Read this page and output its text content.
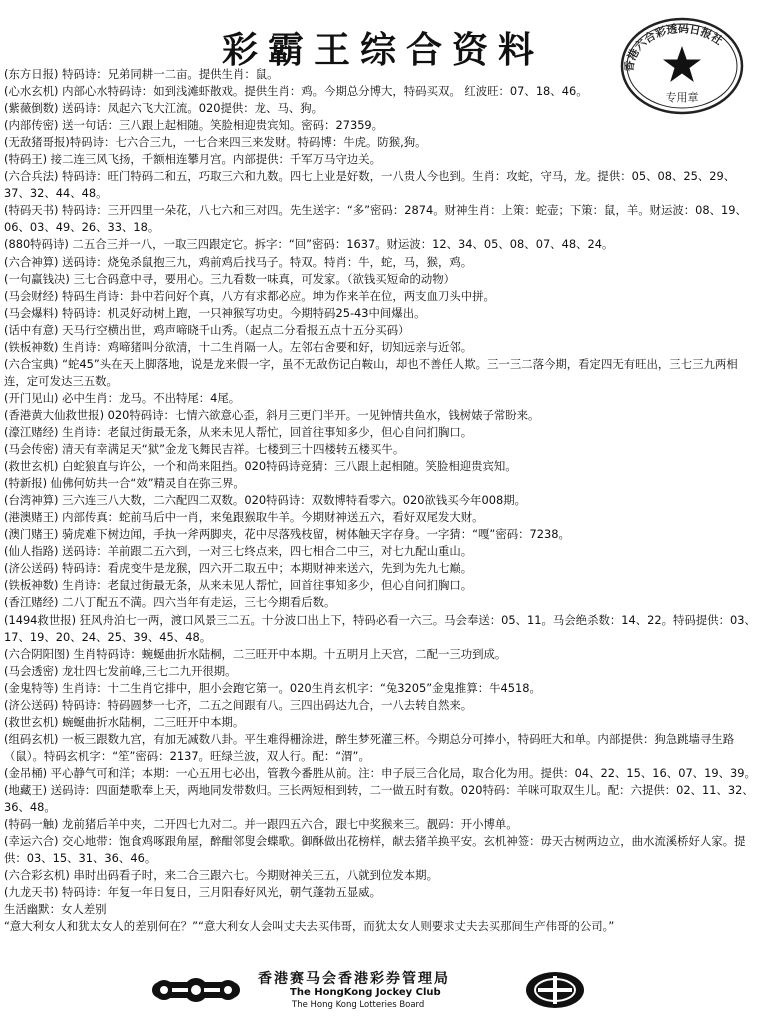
彩霸王综合资料	香港六合彩透码日报社
专用章

(东方日报) 特码诗：兄弟同耕一二亩。提供生肖：鼠。

(心水玄机) 内部心水特码诗：如到浅滩虾散戏。提供生肖：鸡。今期总分博大，特码买双。 红波旺：07、18、46。

(紫薇倒数) 送码诗：凤起六飞大江流。020提供：龙、马、狗。

(内部传密) 送一句话：三八跟上起相随。笑脸相迎贵宾知。密码：27359。

(无敌猪哥报)特码诗：七六合三九，一七合来四三来发财。特码博：牛虎。防猴,狗。

(特码王) 接二连三风飞扬，千额相连攀月宫。内部提供：千军万马守边关。

(六合兵法) 特码诗：旺门特码二和五，巧取三六和九数。四七上业是好数，一八贵人今也到。生肖：攻蛇，守马，龙。提供：05、08、25、29、37、32、44、48。

(特码天书) 特码诗：三开四里一朵花，八七六和三对四。先生送字：“多”密码：2874。财神生肖：上策：蛇壶；下策：鼠，羊。财运波：08、19、06、03、49、26、33、18。

(880特码诗) 二五合三并一八，一取三四跟定它。拆字：“回”密码：1637。财运波：12、34、05、08、07、48、24。

(六合神算) 送码诗：烧兔杀鼠抱三九，鸡前鸡后找马子。特双。特肖：牛，蛇，马，猴，鸡。

(一句赢钱决) 三七合码意中寻，要用心。三九看数一味真，可发家。（欲钱买短命的动物）

(马会财经) 特码生肖诗：卦中若问好个真，八方有求都必应。坤为作来羊在位，两支血刀头中拼。

(马会爆料) 特码诗：机灵好动树上跑，一只神猴写功史。今期特码25-43中间爆出。

(话中有意) 天马行空横出世，鸡声啼晓千山秀。（起点二分看报五点十五分买码）

(铁板神数) 生肖诗：鸡啼猪叫分欲清，十二生肖隔一人。左邻右舍要和好，切知远亲与近邻。

(六合宝典) “蛇45”头在天上脚落地，说是龙来假一字，虽不无敌伤记白鞍山，却也不善任人欺。三一三二落今期，看定四无有旺出，三七三九两相连，定可发达三五数。

(开门见山) 必中生肖：龙马。不出特尾：4尾。

(香港黄大仙救世报) 020特码诗：七情六欲意心歪，斜月三更门半开。一见钟情共鱼水，钱树婊子常盼来。

(濠江赌经) 生肖诗：老鼠过街最无条，从来未见人帮忙，回首往事知多少，但心自问扪胸口。

(马会传密) 清天有幸满足天“狱”金龙飞舞民吉祥。七楼到三十四楼转五楼买牛。

(救世玄机) 白蛇狼直与许公，一个和尚来阻挡。020特码诗竞猜：三八跟上起相随。笑脸相迎贵宾知。

(特新报) 仙佛何妨共一合“效”精灵自在弥三界。

(台湾神算) 三六连三八大数，二六配四二双数。020特码诗：双数博特看零六。020欲钱买今年008期。

(港澳赌王) 内部传真：蛇前马后中一肖，来兔跟猴取牛羊。今期财神送五六，看好双尾发大财。

(澳门赌王) 骑虎难下树边闻，手执一斧两脚夹，花中尽落残枝留，树体触天字存身。一字猜：“嘎”密码：7238。

(仙人指路) 送码诗：羊前跟二五六到，一对三七终点来，四七相合二中三，对七九配山重山。

(济公送码) 特码诗：看虎变牛是龙猴，四六开二取五中；本期财神来送六，先到为先九七巅。

(铁板神数) 生肖诗：老鼠过街最无条，从来未见人帮忙，回首往事知多少，但心自问扪胸口。

(香江赌经) 二八丁配五不満。四六当年有走运，三七今期看后数。

(1494救世报) 狂风舟泊七一两，渡口风景三二五。十分波口出上下，特码必看一六三。马会奉送：05、11。马会绝杀数：14、22。特码提供：03、17、19、20、24、25、39、45、48。

(六合阴阳图) 生肖特码诗：蜿蜒曲折水陆桐，二三旺开中本期。十五明月上天宫，二配一三功到成。

(马会透密) 龙壮四七发前峰,三七二九开很期。

(金鬼特等) 生肖诗：十二生肖它排中，胆小会跑它第一。020生肖玄机字：“兔3205”金鬼推算：牛4518。

(济公送码) 特码诗：特码圆梦一七齐，二五之间跟有八。三四出码达九合，一八去转自然来。

(救世玄机) 蜿蜒曲折水陆桐，二三旺开中本期。

(组码玄机) 一板三跟数九宫，有加无减数八卦。平生难得栅涂进，醉生梦死灌三杯。今期总分可捧小，特码旺大和单。内部提供：狗急跳墙寻生路（鼠）。特码玄机字：“笙”密码：2137。旺绿兰波，双人行。配：“渭”。

(金吊桶) 平心静气可和洋；本期：一心五用七必出，管教今番胜从前。注：申子辰三合化局，取合化为用。提供：04、22、15、16、07、19、39。

(地藏王) 送码诗：四面楚歌奉上天，两地同发带数归。三长两短相到转，二一做五时有数。020特码：羊咪可取双生儿。配：六提供：02、11、32、36、48。

(特码一触) 龙前猪后羊中夹，二开四七九对二。并一跟四五六合，跟七中奖猴来三。靓码：开小博单。

(幸运六合) 交心地带：饱食鸡啄跟角屋，醉酣邻叟会蝶歌。御酥做出花榜样，献去猪羊换平安。玄机神签：毋天古树两边立，曲水流溪桥好人家。提供：03、15、31、36、46。

(六合彩玄机) 串时出码看子时，来二合三跟六七。今期财神关三五，八就到位发本期。

(九龙天书) 特码诗：年复一年日复日，三月阳春好风光，朝气蓬勃五显威。

生活幽默：女人差别

“意大利女人和犹太女人的差别何在？”“意大利女人会叫丈夫去买伟哥，而犹太女人则要求丈夫去买那间生产伟哥的公司。”

香港赛马会香港彩券管理局
The HongKong Jockey Club
The Hong Kong Lotteries Board
